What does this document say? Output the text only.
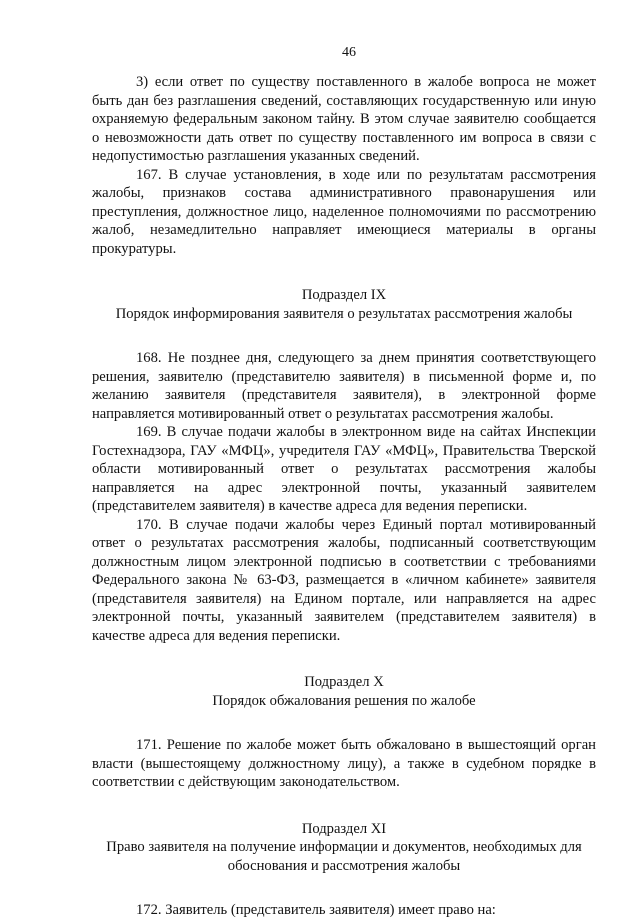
46

3) если ответ по существу поставленного в жалобе вопроса не может быть дан без разглашения сведений, составляющих государственную или иную охраняемую федеральным законом тайну. В этом случае заявителю сообщается о невозможности дать ответ по существу поставленного им вопроса в связи с недопустимостью разглашения указанных сведений.

167. В случае установления, в ходе или по результатам рассмотрения жалобы, признаков состава административного правонарушения или преступления, должностное лицо, наделенное полномочиями по рассмотрению жалоб, незамедлительно направляет имеющиеся материалы в органы прокуратуры.

Подраздел IX
Порядок информирования заявителя о результатах рассмотрения жалобы

168. Не позднее дня, следующего за днем принятия соответствующего решения, заявителю (представителю заявителя) в письменной форме и, по желанию заявителя (представителя заявителя), в электронной форме направляется мотивированный ответ о результатах рассмотрения жалобы.

169. В случае подачи жалобы в электронном виде на сайтах Инспекции Гостехнадзора, ГАУ «МФЦ», учредителя ГАУ «МФЦ», Правительства Тверской области мотивированный ответ о результатах рассмотрения жалобы направляется на адрес электронной почты, указанный заявителем (представителем заявителя) в качестве адреса для ведения переписки.

170. В случае подачи жалобы через Единый портал мотивированный ответ о результатах рассмотрения жалобы, подписанный соответствующим должностным лицом электронной подписью в соответствии с требованиями Федерального закона № 63-ФЗ, размещается в «личном кабинете» заявителя (представителя заявителя) на Едином портале, или направляется на адрес электронной почты, указанный заявителем (представителем заявителя) в качестве адреса для ведения переписки.

Подраздел X
Порядок обжалования решения по жалобе

171. Решение по жалобе может быть обжаловано в вышестоящий орган власти (вышестоящему должностному лицу), а также в судебном порядке в соответствии с действующим законодательством.

Подраздел XI
Право заявителя на получение информации и документов, необходимых для
обоснования и рассмотрения жалобы

172. Заявитель (представитель заявителя) имеет право на:
